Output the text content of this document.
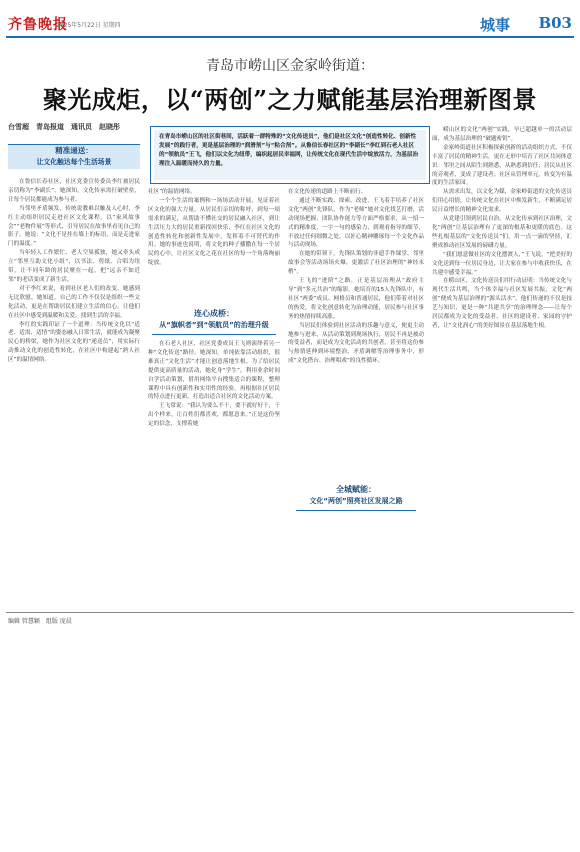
齐鲁晚报
2025年5月22日 星期四	城事 B03
青岛市崂山区金家岭街道：
聚光成炬，以“两创”之力赋能基层治理新图景
台雪超　青岛报道　通讯员　赵晓彤
在青岛市崂山区的社区街巷间，活跃着一群特殊的“文化传送员”，他们是社区文化“创造性转化、创新性发展”的践行者，更是基层治理的“润滑剂”与“粘合剂”。从鲁信长春社区的“李副长”李红到石老人社区的“领航员”王飞，他们以文化为纽带，编织起居民幸福网，让传统文化在现代生活中绽放活力，为基层治理注入温暖而持久的力量。
精准递送：
让文化触达每个生活场景

在鲁信长春社区，社区党委宣传委员李红被居民亲切称为“李副长”。她深知，文化传承需打破壁垒，让每个居民都能成为参与者。

当邻里矛盾频发，传统说教难以触及人心时，李红主动组织居民走进社区文化课程，以“家风故事会”“老物件展”等形式，引导居民在故事里看见自己的影子。她说：“文化不是挂在墙上的标语，而是走进家门的温度。”

当年轻人工作繁忙、老人空巢孤独，她又牵头成立“邻里互助文化小组”，以书法、剪纸、合唱为纽带，让不同年龄的居民聚在一起，把“远亲不如近邻”的老话变成了新生活。

对于李红来说，看到社区老人们的改变，她感到无比欣慰。她知道，自己的工作不仅仅是组织一些文化活动，更是在帮助居民们建立生活的信心，让他们在社区中感受到温暖和关爱，找到生活的幸福。

李红的实践印证了一个道理：当传统文化以“适老、适需、适情”的姿态融入日常生活，就能成为凝聚民心的桥梁，她作为社区文化的“递送员”，用实际行动推动文化的创造性转化，在社区中构建起“熟人社区”的温情网络。

社区”的温情网络。

一个个生活的案例和一场场活动开展，见证着社区文化的强大力量。从居民们亲切的称呼，到每一项需求的满足，从帮助不懂社交的居民融入社区，到让生活压力大的居民重新找回快乐，李红在社区文化的创造性转化和创新性发展中，发挥着不可替代的作用。她的事迹也说明，将文化的种子播撒在每一个居民的心中，让社区文化之花在社区的每一个角落绚丽绽放。

连心成桥：
从“旗帜者”到“领航员”的治理升级

在石老人社区，社区党委成员王飞则演绎着另一种“文化传送”路径。她深知，单纯依靠活动组织，很难真正“文化生活”才能让创意落地生根。为了给居民提供更高质量的活动，她化身“学生”，利用业余时间自学活动策划，借用网络平台搜集适合的课程，整理课程中具有创新性和实用性的经验，再根据社区居民的特点进行更新，打造出适合社区的文化活动方案。

王飞常说：“我认为要么不干，要干就好好干，干出个样来，让百姓们都喜欢，都愿意来。”正是这份坚定的信念，支撑着她

在文化传递的道路上不断前行。

通过不断实践、探索、改进，王飞着手培养了社区文化“两创”先锋队，作为“老师”她对文化找艺打磨，活动现场把握，团队协作能力等方面严格要求，从一招一式的精准度，一字一句的感染力，到观看指导的细节，不放过任何细微之处，以匠心精神雕琢每一个文化作品与活动现场。

在她的带领下，先锋队策划的非遗手作课堂、邻里故事会等活动场场火爆，更激活了社区治理的“神经末梢”。

王飞的“进阶”之路，正是基层治理从“政府主导”到“多元共治”的缩影。她培育的15人先锋队中，有社区“两委”成员、网格员和普通居民，他们带着对社区的热爱，将文化创意转化为治理动能，居民参与社区事务的热情持续高涨。

当居民们体验到社区活动的乐趣与意义，便更主动地参与进来，从活动策划到现场执行，居民不再是被动的受益者，而是成为文化活动的共创者，甚至将这份参与热情延伸到环境整治、矛盾调解等治理事务中，形成“文化搭台、治理唱戏”的良性循环。

全城赋能：
文化“两创”照亮社区发展之路

崂山区的文化“两创”实践，早已超越单一的活动层面，成为基层治理的“破题密钥”。

金家岭街道社区积极探索创新的活动组织方式，不仅丰富了居民的精神生活，更在无形中培育了社区共同体意识：邻里之间从陌生到熟悉，从熟悉到信任；居民从社区的旁观者，变成了建设者；社区从管理单元，转变为有温度的生活家园。

从需求出发，以文化为媒，金家岭街道的文化传送员们用心用情，让传统文化在社区中焕发新生，不断满足居民日益增长的精神文化需求。

从党建引领到居民自治，从文化传承到社区治理，文化“两创”让基层治理有了更深的根基和更暖的底色。这些扎根基层的“文化传送员”们，用一点一滴的坚持，汇聚成推动社区发展的磅礴力量。

“我们愿意做社区的文化摆渡人，”王飞说，“把美好的文化送到每一位居民身边，让大家在参与中收获快乐，在共建中感受幸福。”

在崂山区，文化传送员们用行动证明：当传统文化与现代生活共鸣，当个体幸福与社区发展共振，文化“两创”便成为基层治理的“源头活水”，他们传递的不仅是技艺与知识，更是一种“共建共享”的治理理念——让每个居民都成为文化的受益者、社区的建设者、家园的守护者，让“文化润心”的美好图景在基层落地生根。

编辑 管慧颖　组版 庞晨
